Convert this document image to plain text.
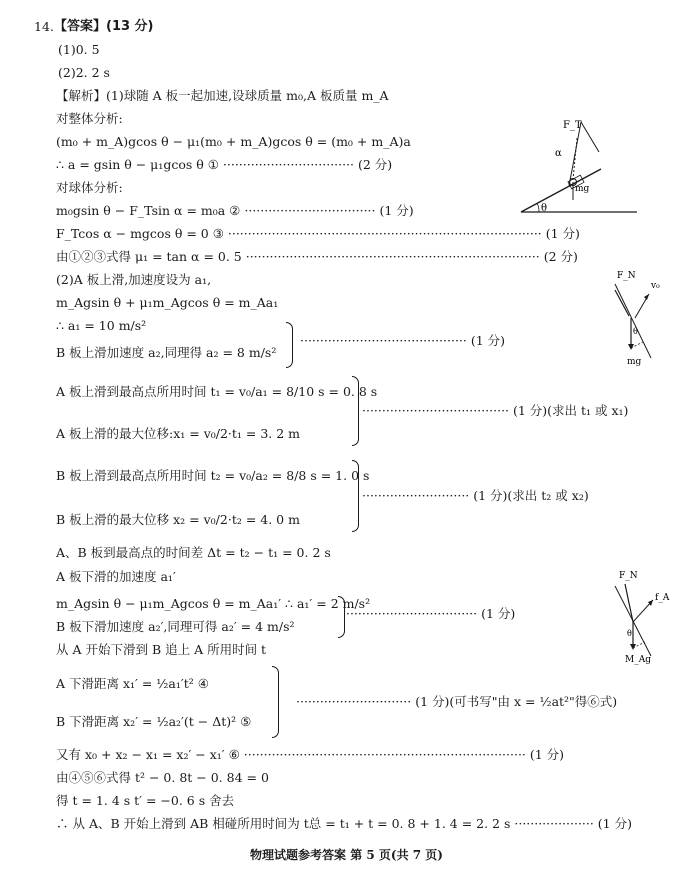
14. 【答案】(13 分)
(1)0. 5
(2)2. 2 s
【解析】(1)球随 A 板一起加速,设球质量 m₀,A 板质量 m_A
对整体分析:
(m₀ + m_A)gcos θ − μ₁(m₀ + m_A)gcos θ = (m₀ + m_A)a
∴ a = gsin θ − μ₁gcos θ ① ································· (2 分)
对球体分析:
m₀gsin θ − F_Tsin α = m₀a ② ································· (1 分)
F_Tcos α − mgcos θ = 0 ③ ··············································································· (1 分)
由①②③式得 μ₁ = tan α = 0. 5 ·········································································· (2 分)
(2)A 板上滑,加速度设为 a₁,
m_Agsin θ + μ₁m_Agcos θ = m_Aa₁
∴ a₁ = 10 m/s²
B 板上滑加速度 a₂,同理得 a₂ = 8 m/s²
·········································· (1 分)
A 板上滑到最高点所用时间 t₁ = v₀/a₁ = 8/10 s = 0. 8 s
A 板上滑的最大位移:x₁ = v₀/2·t₁ = 3. 2 m
····································· (1 分)(求出 t₁ 或 x₁)
B 板上滑到最高点所用时间 t₂ = v₀/a₂ = 8/8 s = 1. 0 s
B 板上滑的最大位移 x₂ = v₀/2·t₂ = 4. 0 m
··························· (1 分)(求出 t₂ 或 x₂)
A、B 板到最高点的时间差 Δt = t₂ − t₁ = 0. 2 s
A 板下滑的加速度 a₁′
m_Agsin θ − μ₁m_Agcos θ = m_Aa₁′ ∴ a₁′ = 2 m/s²
B 板下滑加速度 a₂′,同理可得 a₂′ = 4 m/s²
································· (1 分)
从 A 开始下滑到 B 追上 A 所用时间 t
A 下滑距离 x₁′ = ½a₁′t² ④
B 下滑距离 x₂′ = ½a₂′(t − Δt)² ⑤
····························· (1 分)(可书写"由 x = ½at²"得⑥式)
又有 x₀ + x₂ − x₁ = x₂′ − x₁′ ⑥ ······································································· (1 分)
由④⑤⑥式得 t² − 0. 8t − 0. 84 = 0
得 t = 1. 4 s t′ = −0. 6 s 舍去
∴ 从 A、B 开始上滑到 AB 相碰所用时间为 t总 = t₁ + t = 0. 8 + 1. 4 = 2. 2 s ···················· (1 分)
F_T
α
mg
θ
F_N
v₀
θ
mg
F_N
f_A
θ
M_Ag
物理试题参考答案 第 5 页(共 7 页)
